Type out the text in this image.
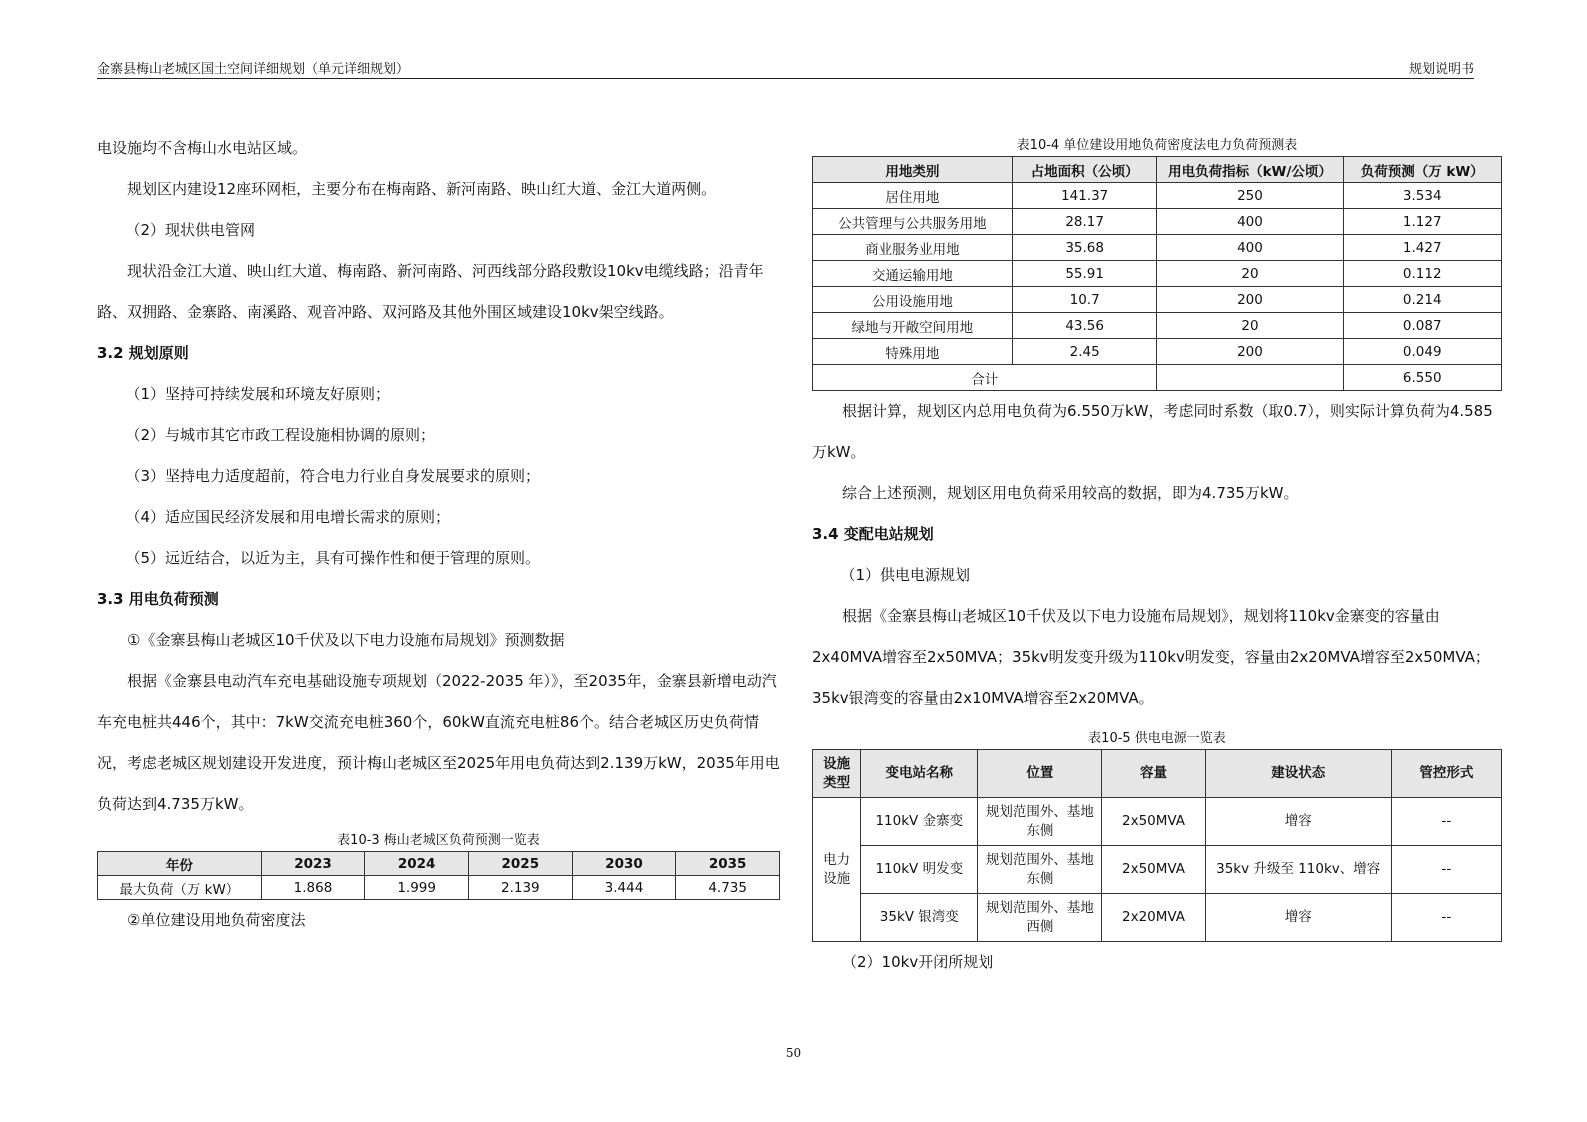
金寨县梅山老城区国土空间详细规划（单元详细规划）	规划说明书

电设施均不含梅山水电站区域。

规划区内建设12座环网柜，主要分布在梅南路、新河南路、映山红大道、金江大道两侧。

（2）现状供电管网

现状沿金江大道、映山红大道、梅南路、新河南路、河西线部分路段敷设10kv电缆线路；沿青年路、双拥路、金寨路、南溪路、观音冲路、双河路及其他外围区域建设10kv架空线路。

3.2 规划原则

（1）坚持可持续发展和环境友好原则；

（2）与城市其它市政工程设施相协调的原则；

（3）坚持电力适度超前，符合电力行业自身发展要求的原则；

（4）适应国民经济发展和用电增长需求的原则；

（5）远近结合，以近为主，具有可操作性和便于管理的原则。

3.3 用电负荷预测

①《金寨县梅山老城区10千伏及以下电力设施布局规划》预测数据

根据《金寨县电动汽车充电基础设施专项规划（2022-2035 年）》，至2035年，金寨县新增电动汽车充电桩共446个，其中：7kW交流充电桩360个，60kW直流充电桩86个。结合老城区历史负荷情况，考虑老城区规划建设开发进度，预计梅山老城区至2025年用电负荷达到2.139万kW，2035年用电负荷达到4.735万kW。

表10-3 梅山老城区负荷预测一览表

年份	2023	2024	2025	2030	2035
最大负荷（万 kW）	1.868	1.999	2.139	3.444	4.735

②单位建设用地负荷密度法

表10-4 单位建设用地负荷密度法电力负荷预测表

用地类别	占地面积（公顷）	用电负荷指标（kW/公顷）	负荷预测（万 kW）
居住用地	141.37	250	3.534
公共管理与公共服务用地	28.17	400	1.127
商业服务业用地	35.68	400	1.427
交通运输用地	55.91	20	0.112
公用设施用地	10.7	200	0.214
绿地与开敞空间用地	43.56	20	0.087
特殊用地	2.45	200	0.049
合计			6.550

根据计算，规划区内总用电负荷为6.550万kW，考虑同时系数（取0.7），则实际计算负荷为4.585万kW。

综合上述预测，规划区用电负荷采用较高的数据，即为4.735万kW。

3.4 变配电站规划

（1）供电电源规划

根据《金寨县梅山老城区10千伏及以下电力设施布局规划》，规划将110kv金寨变的容量由2x40MVA增容至2x50MVA；35kv明发变升级为110kv明发变，容量由2x20MVA增容至2x50MVA；35kv银湾变的容量由2x10MVA增容至2x20MVA。

表10-5 供电电源一览表

设施类型	变电站名称	位置	容量	建设状态	管控形式
电力设施	110kV 金寨变	规划范围外、基地东侧	2x50MVA	增容	--
	110kV 明发变	规划范围外、基地东侧	2x50MVA	35kv 升级至 110kv、增容	--
	35kV 银湾变	规划范围外、基地西侧	2x20MVA	增容	--

（2）10kv开闭所规划

50
